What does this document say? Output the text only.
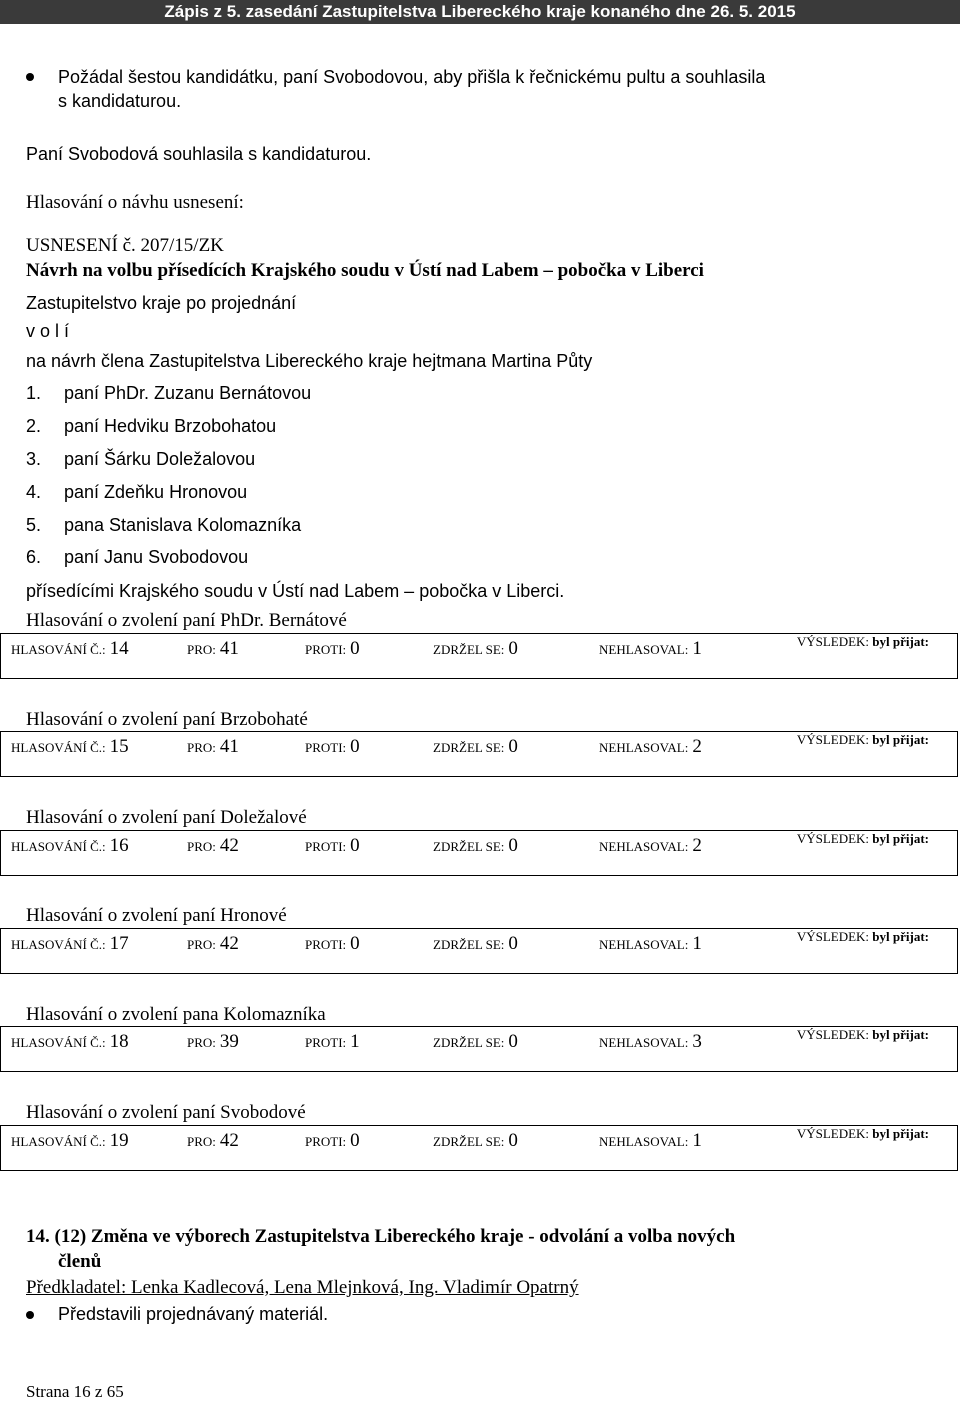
Zápis z 5. zasedání Zastupitelstva Libereckého kraje konaného dne 26. 5. 2015
Požádal šestou kandidátku, paní Svobodovou, aby přišla k řečnickému pultu a souhlasila
s kandidaturou.
Paní Svobodová souhlasila s kandidaturou.
Hlasování o návhu usnesení:
USNESENÍ č. 207/15/ZK
Návrh na volbu přísedících Krajského soudu v Ústí nad Labem – pobočka v Liberci
Zastupitelstvo kraje po projednání
v o l í
na návrh člena Zastupitelstva Libereckého kraje hejtmana Martina Půty
1. paní PhDr. Zuzanu Bernátovou
2. paní Hedviku Brzobohatou
3. paní Šárku Doležalovou
4. paní Zdeňku Hronovou
5. pana Stanislava Kolomazníka
6. paní Janu Svobodovou
přísedícími Krajského soudu v Ústí nad Labem – pobočka v Liberci.
Hlasování o zvolení paní PhDr. Bernátové
HLASOVÁNÍ Č.: 14	PRO: 41	PROTI: 0	ZDRŽEL SE: 0	NEHLASOVAL: 1	VÝSLEDEK: byl přijat:
Hlasování o zvolení paní Brzobohaté
HLASOVÁNÍ Č.: 15	PRO: 41	PROTI: 0	ZDRŽEL SE: 0	NEHLASOVAL: 2	VÝSLEDEK: byl přijat:
Hlasování o zvolení paní Doležalové
HLASOVÁNÍ Č.: 16	PRO: 42	PROTI: 0	ZDRŽEL SE: 0	NEHLASOVAL: 2	VÝSLEDEK: byl přijat:
Hlasování o zvolení paní Hronové
HLASOVÁNÍ Č.: 17	PRO: 42	PROTI: 0	ZDRŽEL SE: 0	NEHLASOVAL: 1	VÝSLEDEK: byl přijat:
Hlasování o zvolení pana Kolomazníka
HLASOVÁNÍ Č.: 18	PRO: 39	PROTI: 1	ZDRŽEL SE: 0	NEHLASOVAL: 3	VÝSLEDEK: byl přijat:
Hlasování o zvolení paní Svobodové
HLASOVÁNÍ Č.: 19	PRO: 42	PROTI: 0	ZDRŽEL SE: 0	NEHLASOVAL: 1	VÝSLEDEK: byl přijat:
14. (12) Změna ve výborech Zastupitelstva Libereckého kraje - odvolání a volba nových
členů
Předkladatel: Lenka Kadlecová, Lena Mlejnková, Ing. Vladimír Opatrný
Představili projednávaný materiál.
Strana 16 z 65
